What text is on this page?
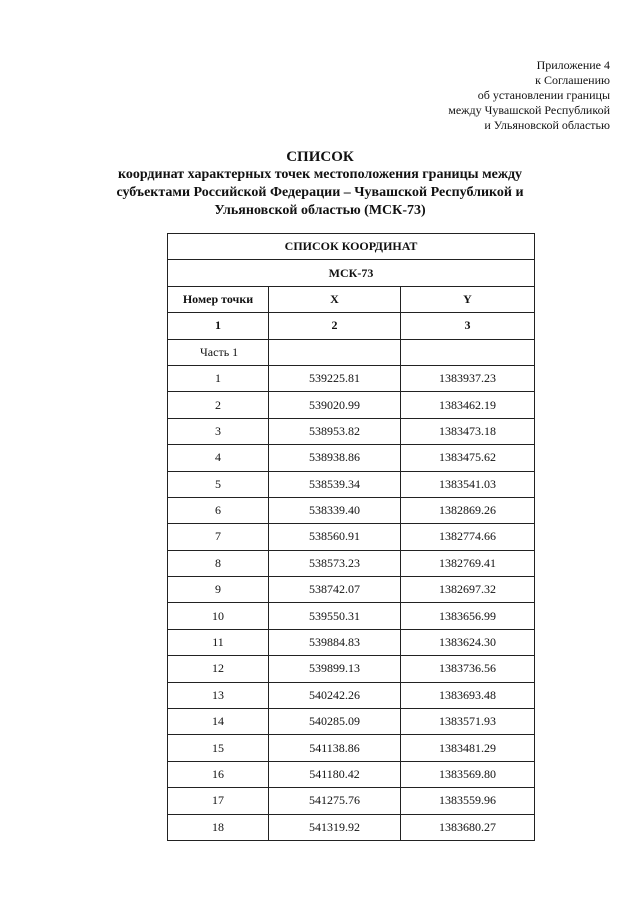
Приложение 4
к Соглашению
об установлении границы
между Чувашской Республикой
и Ульяновской областью
СПИСОК
координат характерных точек местоположения границы между
субъектами Российской Федерации – Чувашской Республикой и
Ульяновской областью (МСК-73)
СПИСОК КООРДИНАТ		
МСК-73		
Номер точки	X	Y
1	2	3
Часть 1		
1	539225.81	1383937.23
2	539020.99	1383462.19
3	538953.82	1383473.18
4	538938.86	1383475.62
5	538539.34	1383541.03
6	538339.40	1382869.26
7	538560.91	1382774.66
8	538573.23	1382769.41
9	538742.07	1382697.32
10	539550.31	1383656.99
11	539884.83	1383624.30
12	539899.13	1383736.56
13	540242.26	1383693.48
14	540285.09	1383571.93
15	541138.86	1383481.29
16	541180.42	1383569.80
17	541275.76	1383559.96
18	541319.92	1383680.27
